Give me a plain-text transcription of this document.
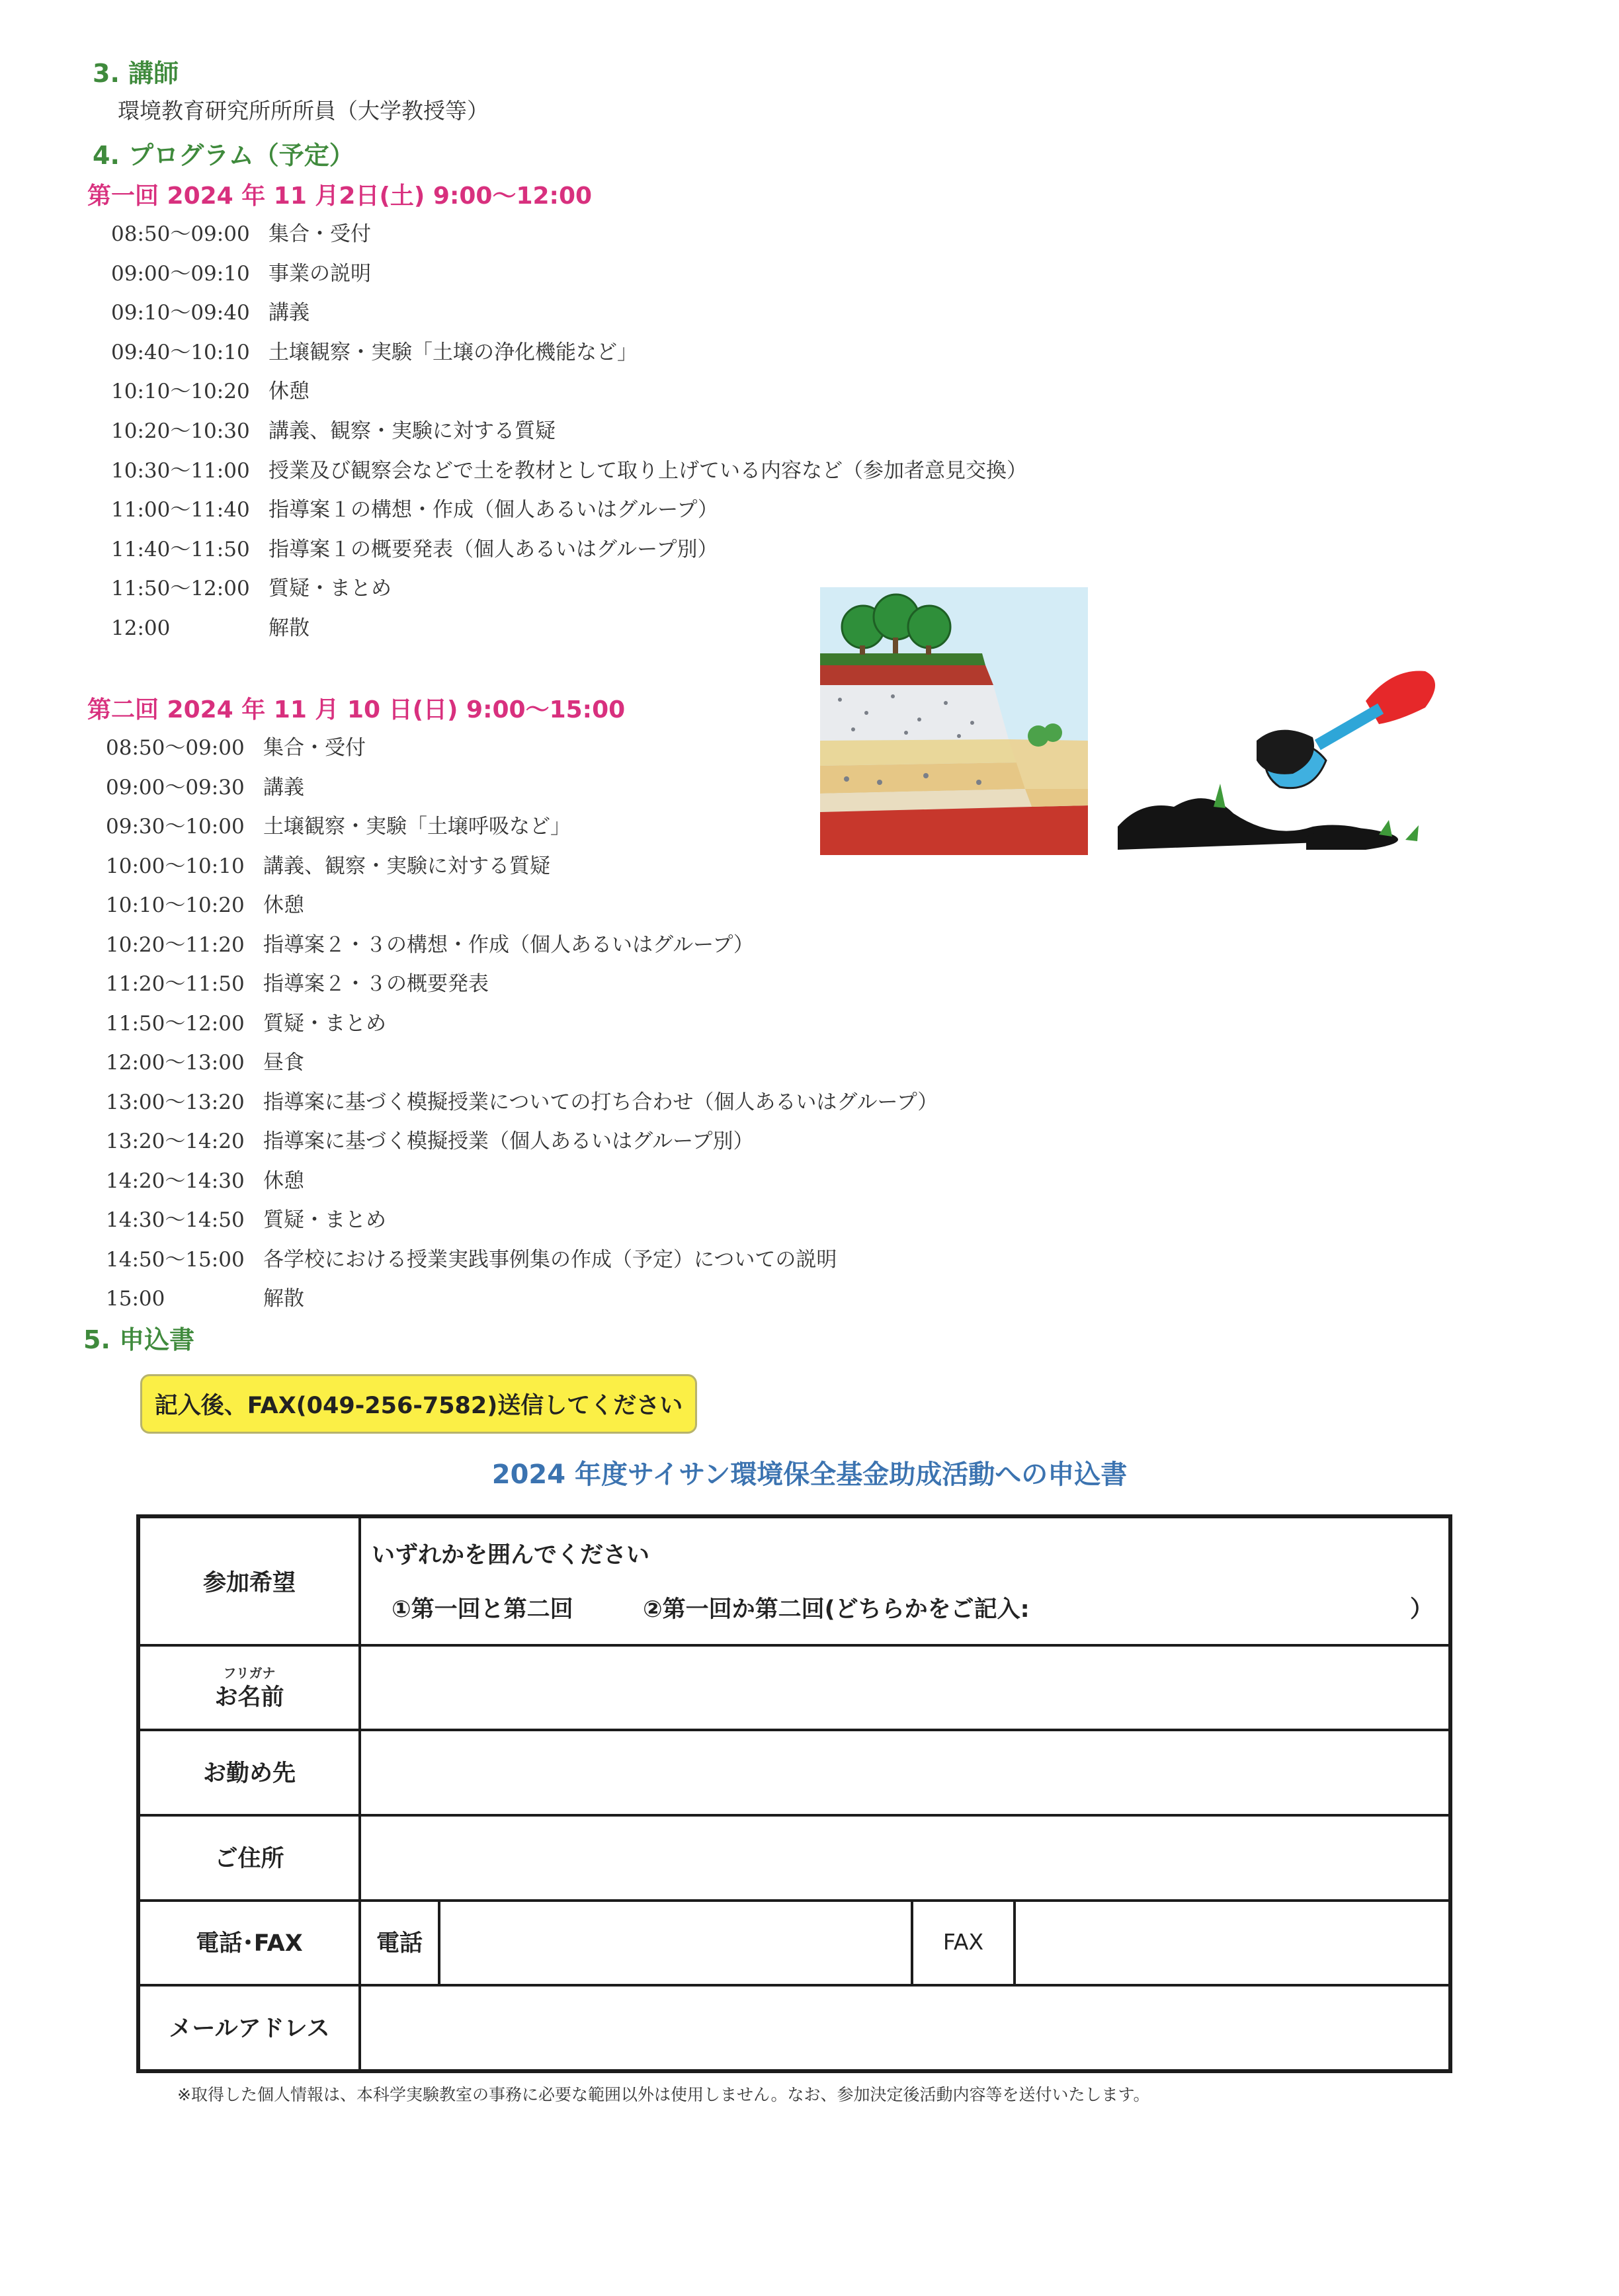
3. 講師
環境教育研究所所所員（大学教授等）
4. プログラム（予定）
第一回 2024 年 11 月2日(土) 9:00～12:00
08:50～09:00 集合・受付
09:00～09:10 事業の説明
09:10～09:40 講義
09:40～10:10 土壌観察・実験「土壌の浄化機能など」
10:10～10:20 休憩
10:20～10:30 講義、観察・実験に対する質疑
10:30～11:00 授業及び観察会などで土を教材として取り上げている内容など（参加者意見交換）
11:00～11:40 指導案１の構想・作成（個人あるいはグループ）
11:40～11:50 指導案１の概要発表（個人あるいはグループ別）
11:50～12:00 質疑・まとめ
12:00	解散
第二回 2024 年 11 月 10 日(日) 9:00～15:00
08:50～09:00 集合・受付
09:00～09:30 講義
09:30～10:00 土壌観察・実験「土壌呼吸など」
10:00～10:10 講義、観察・実験に対する質疑
10:10～10:20 休憩
10:20～11:20 指導案２・３の構想・作成（個人あるいはグループ）
11:20～11:50 指導案２・３の概要発表
11:50～12:00 質疑・まとめ
12:00～13:00 昼食
13:00～13:20 指導案に基づく模擬授業についての打ち合わせ（個人あるいはグループ）
13:20～14:20 指導案に基づく模擬授業（個人あるいはグループ別）
14:20～14:30 休憩
14:30～14:50 質疑・まとめ
14:50～15:00 各学校における授業実践事例集の作成（予定）についての説明
15:00	解散
5. 申込書
記入後、FAX(049-256-7582)送信してください
2024 年度サイサン環境保全基金助成活動への申込書
参加希望
いずれかを囲んでください
①第一回と第二回	②第一回か第二回(どちらかをご記入:	）
フリガナ
お名前
お勤め先
ご住所
電話･FAX	電話	FAX
メールアドレス
※取得した個人情報は、本科学実験教室の事務に必要な範囲以外は使用しません。なお、参加決定後活動内容等を送付いたします。
